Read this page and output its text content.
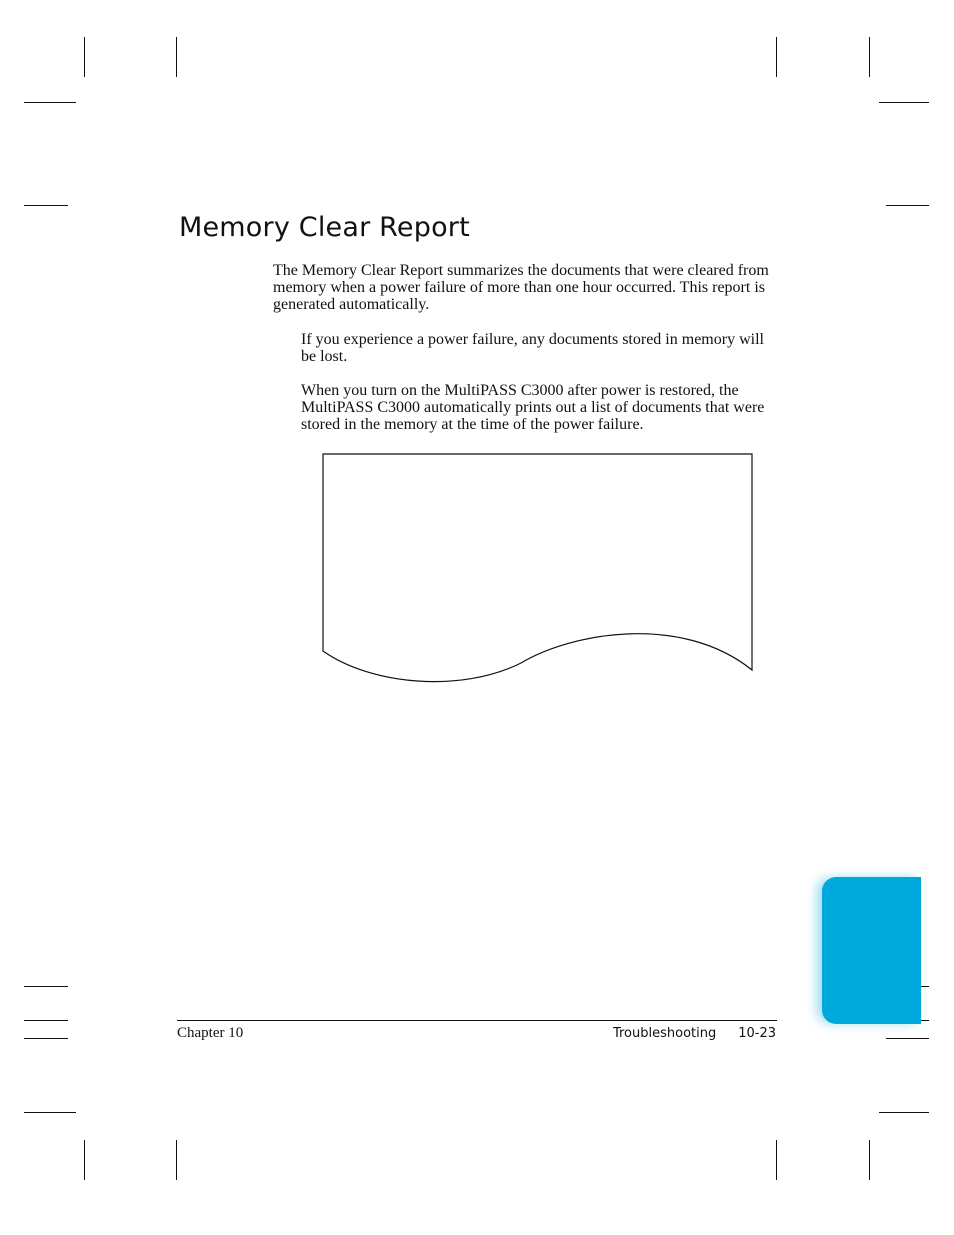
Memory Clear Report

The Memory Clear Report summarizes the documents that were cleared from memory when a power failure of more than one hour occurred. This report is generated automatically.

If you experience a power failure, any documents stored in memory will be lost.

When you turn on the MultiPASS C3000 after power is restored, the MultiPASS C3000 automatically prints out a list of documents that were stored in the memory at the time of the power failure.

Chapter 10	Troubleshooting 10-23
